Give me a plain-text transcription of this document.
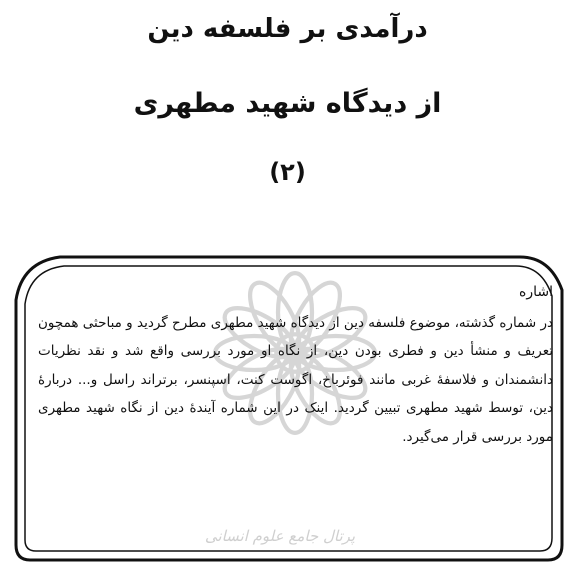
درآمدی بر فلسفه دین
از دیدگاه شهید مطهری
(۲)
پرتال جامع علوم انسانی
اشاره

در شماره گذشته، موضوع فلسفه دین از دیدگاه شهید مطهری مطرح گردید و مباحثی همچون تعریف و منشأ دین و فطری بودن دین، از نگاه او مورد بررسی واقع شد و نقد نظریات دانشمندان و فلاسفهٔ غربی مانند فوئرباخ، اگوست کنت، اسپنسر، برتراند راسل و... دربارهٔ دین، توسط شهید مطهری تبیین گردید. اینک در این شماره آیندهٔ دین از نگاه شهید مطهری مورد بررسی قرار می‌گیرد.
